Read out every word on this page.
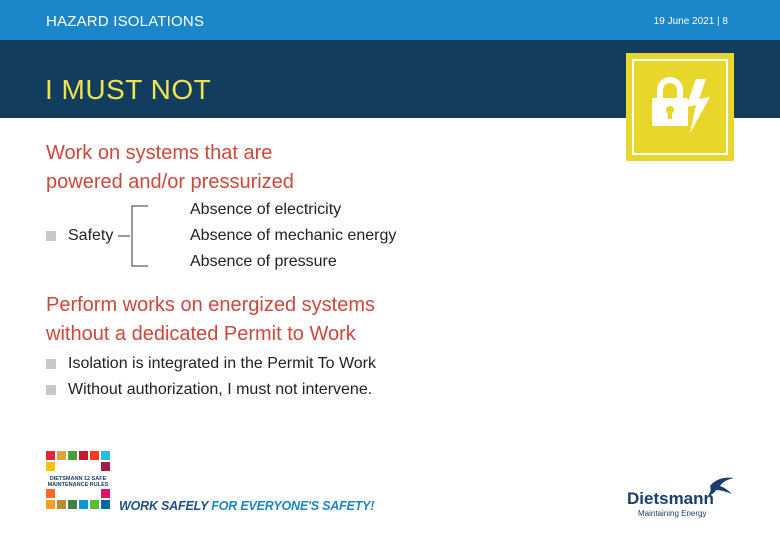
HAZARD ISOLATIONS	19 June 2021 | 8
I MUST NOT
Work on systems that are
powered and/or pressurized
Safety
Absence of electricity
Absence of mechanic energy
Absence of pressure
Perform works on energized systems
without a dedicated Permit to Work
Isolation is integrated in the Permit To Work
Without authorization, I must not intervene.
DIETSMANN 12 SAFE
MAINTENANCE RULES
WORK SAFELY FOR EVERYONE'S SAFETY!	Dietsmann
Maintaining Energy
